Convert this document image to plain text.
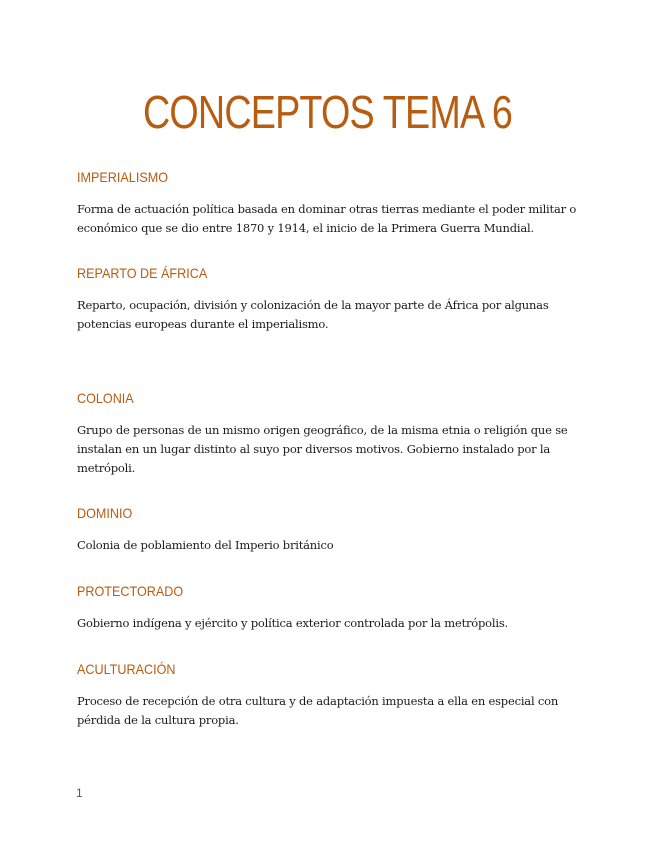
CONCEPTOS TEMA 6
IMPERIALISMO
Forma de actuación política basada en dominar otras tierras mediante el poder militar o económico que se dio entre 1870 y 1914, el inicio de la Primera Guerra Mundial.
REPARTO DE ÁFRICA
Reparto, ocupación, división y colonización de la mayor parte de África por algunas potencias europeas durante el imperialismo.
COLONIA
Grupo de personas de un mismo origen geográfico, de la misma etnia o religión que se instalan en un lugar distinto al suyo por diversos motivos. Gobierno instalado por la metrópoli.
DOMINIO
Colonia de poblamiento del Imperio británico
PROTECTORADO
Gobierno indígena y ejército y política exterior controlada por la metrópolis.
ACULTURACIÓN
Proceso de recepción de otra cultura y de adaptación impuesta a ella en especial con pérdida de la cultura propia.
1
